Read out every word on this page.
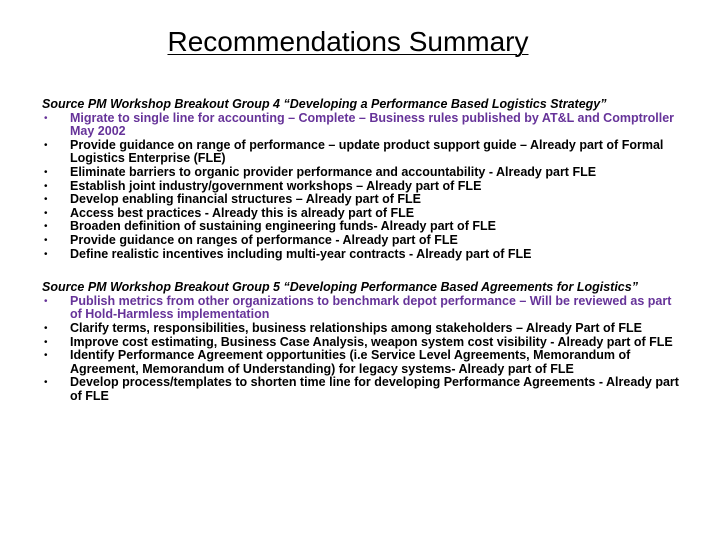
Recommendations Summary
Source PM Workshop Breakout Group 4 “Developing a Performance Based Logistics Strategy”
• Migrate to single line for accounting – Complete – Business rules published by AT&L and Comptroller May 2002
• Provide guidance on range of performance – update product support guide – Already part of Formal Logistics Enterprise (FLE)
• Eliminate barriers to organic provider performance and accountability - Already part FLE
• Establish joint industry/government workshops – Already part of FLE
• Develop enabling financial structures – Already part of FLE
• Access best practices - Already this is already part of FLE
• Broaden definition of sustaining engineering funds- Already part of FLE
• Provide guidance on ranges of performance - Already part of FLE
• Define realistic incentives including multi-year contracts - Already part of FLE
Source PM Workshop Breakout Group 5 “Developing Performance Based Agreements for Logistics”
• Publish metrics from other organizations to benchmark depot performance – Will be reviewed as part of Hold-Harmless implementation
• Clarify terms, responsibilities, business relationships among stakeholders – Already Part of FLE
• Improve cost estimating, Business Case Analysis, weapon system cost visibility - Already part of FLE
• Identify Performance Agreement opportunities (i.e Service Level Agreements, Memorandum of Agreement, Memorandum of Understanding) for legacy systems- Already part of FLE
• Develop process/templates to shorten time line for developing Performance Agreements - Already part of FLE
